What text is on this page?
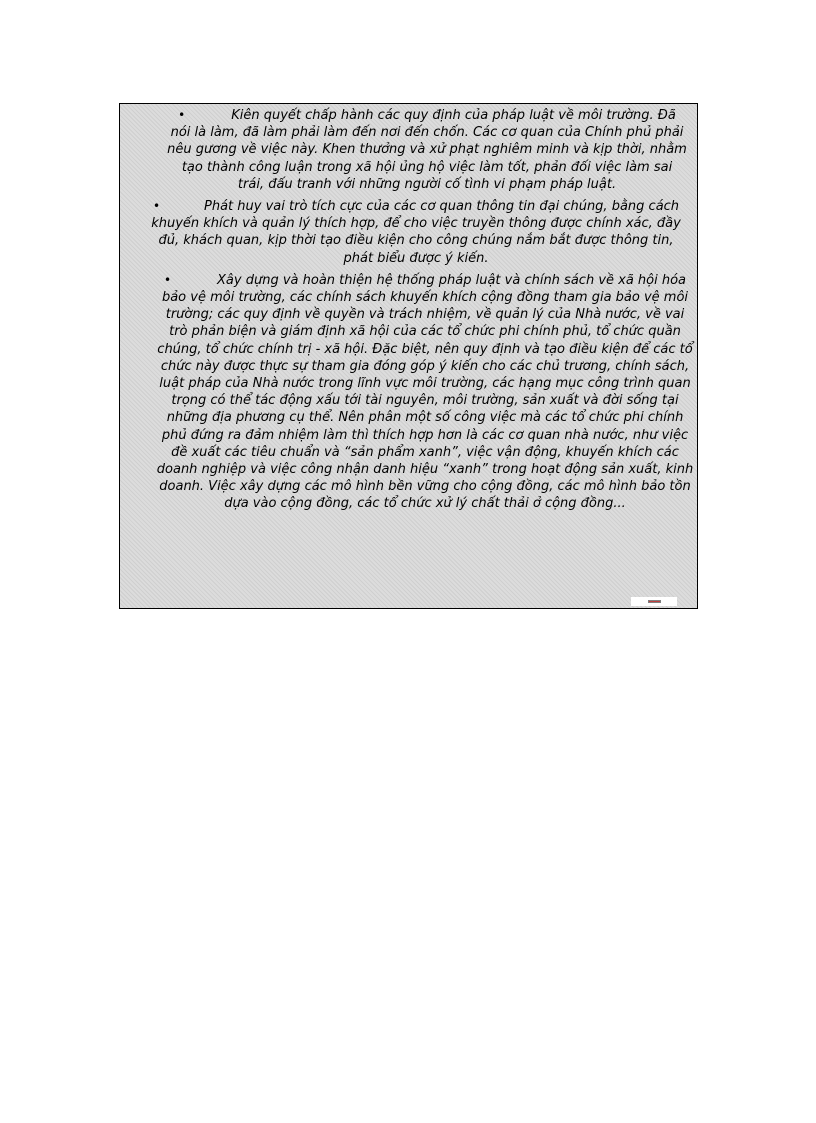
•	Kiên quyết chấp hành các quy định của pháp luật về môi trường. Đã nói là làm, đã làm phải làm đến nơi đến chốn. Các cơ quan của Chính phủ phải nêu gương về việc này. Khen thưởng và xử phạt nghiêm minh và kịp thời, nhằm tạo thành công luận trong xã hội ủng hộ việc làm tốt, phản đối việc làm sai trái, đấu tranh với những người cố tình vi phạm pháp luật.
•	Phát huy vai trò tích cực của các cơ quan thông tin đại chúng, bằng cách khuyến khích và quản lý thích hợp, để cho việc truyền thông được chính xác, đầy đủ, khách quan, kịp thời tạo điều kiện cho công chúng nắm bắt được thông tin, phát biểu được ý kiến.
•	Xây dựng và hoàn thiện hệ thống pháp luật và chính sách về xã hội hóa bảo vệ môi trường, các chính sách khuyến khích cộng đồng tham gia bảo vệ môi trường; các quy định về quyền và trách nhiệm, về quản lý của Nhà nước, về vai trò phản biện và giám định xã hội của các tổ chức phi chính phủ, tổ chức quần chúng, tổ chức chính trị - xã hội. Đặc biệt, nên quy định và tạo điều kiện để các tổ chức này được thực sự tham gia đóng góp ý kiến cho các chủ trương, chính sách, luật pháp của Nhà nước trong lĩnh vực môi trường, các hạng mục công trình quan trọng có thể tác động xấu tới tài nguyên, môi trường, sản xuất và đời sống tại những địa phương cụ thể. Nên phân một số công việc mà các tổ chức phi chính phủ đứng ra đảm nhiệm làm thì thích hợp hơn là các cơ quan nhà nước, như việc đề xuất các tiêu chuẩn và “sản phẩm xanh”, việc vận động, khuyến khích các doanh nghiệp và việc công nhận danh hiệu “xanh” trong hoạt động sản xuất, kinh doanh. Việc xây dựng các mô hình bền vững cho cộng đồng, các mô hình bảo tồn dựa vào cộng đồng, các tổ chức xử lý chất thải ở cộng đồng...
